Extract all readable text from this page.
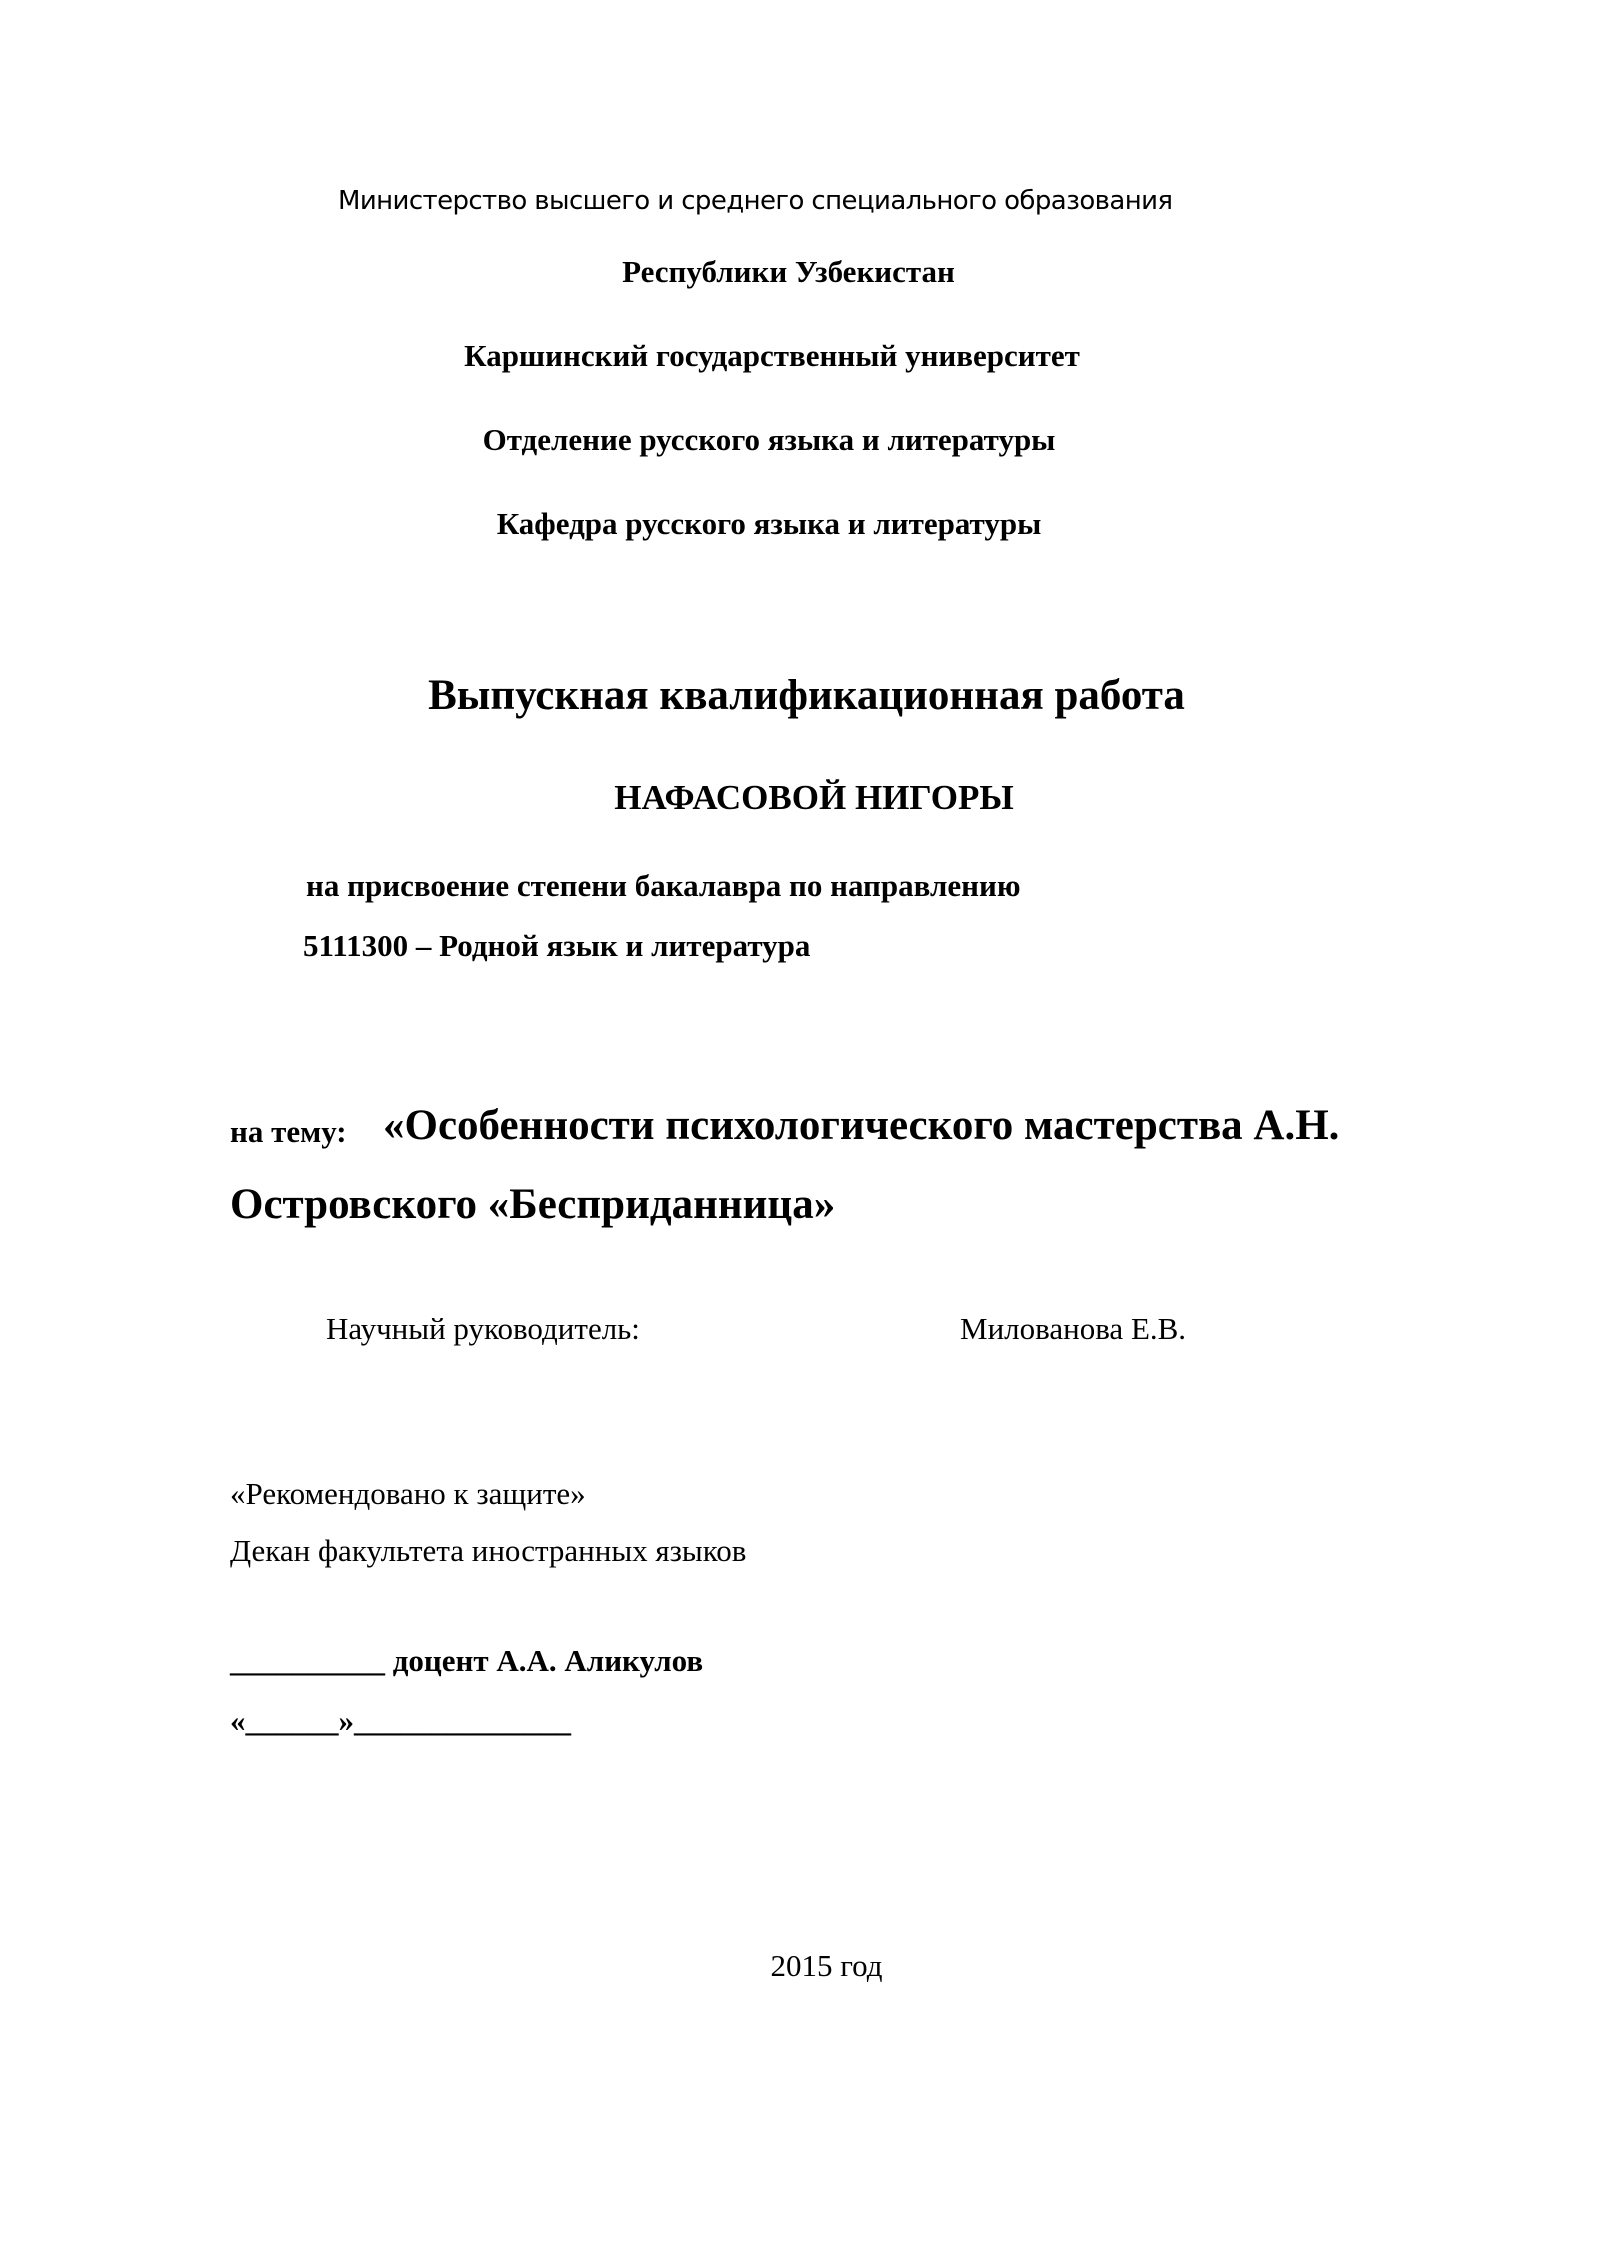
Министерство высшего и среднего специального образования
Республики Узбекистан
Каршинский государственный университет
Отделение русского языка и литературы
Кафедра русского языка и литературы
Выпускная квалификационная работа
НАФАСОВОЙ НИГОРЫ
на присвоение степени бакалавра по направлению
5111300 – Родной язык и литература
на тему: «Особенности психологического мастерства А.Н.
Островского «Бесприданница»
Научный руководитель:	Милованова Е.В.
«Рекомендовано к защите»
Декан факультета иностранных языков
__________ доцент А.А. Аликулов
«______»______________
2015 год
